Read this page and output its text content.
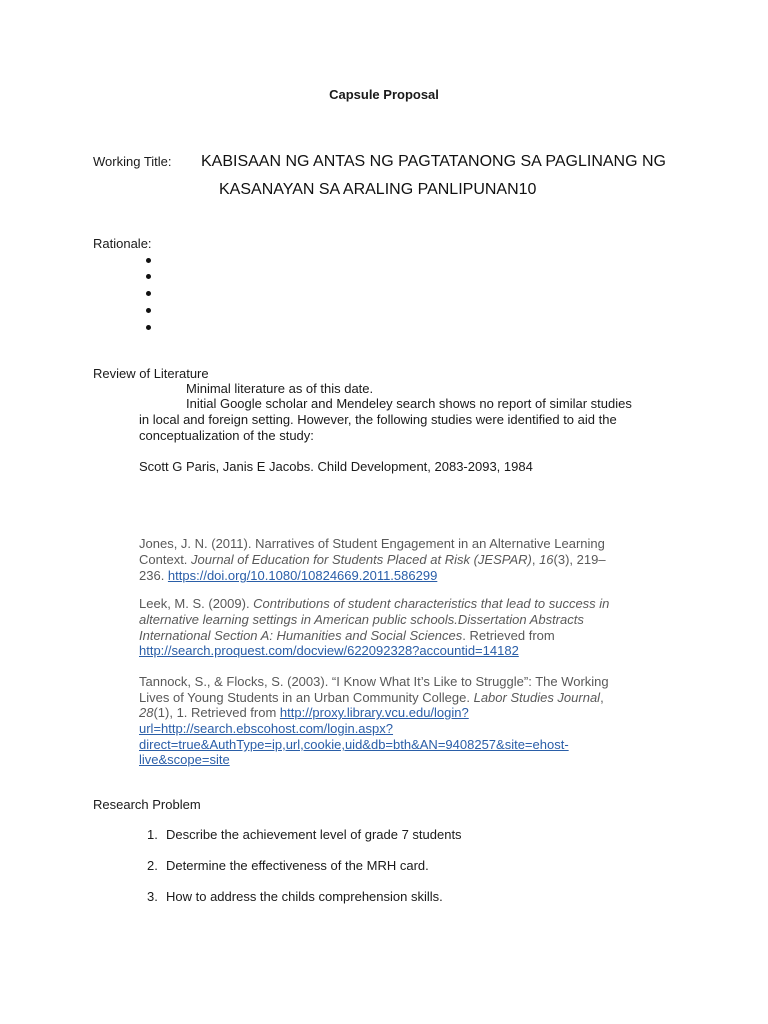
Capsule Proposal
Working Title: KABISAAN NG ANTAS NG PAGTATANONG SA PAGLINANG NG
KASANAYAN SA ARALING PANLIPUNAN10
Rationale:
Review of Literature
Minimal literature as of this date.
Initial Google scholar and Mendeley search shows no report of similar studies
in local and foreign setting. However, the following studies were identified to aid the
conceptualization of the study:
Scott G Paris, Janis E Jacobs. Child Development, 2083-2093, 1984
Jones, J. N. (2011). Narratives of Student Engagement in an Alternative Learning
Context. Journal of Education for Students Placed at Risk (JESPAR), 16(3), 219–
236. https://doi.org/10.1080/10824669.2011.586299
Leek, M. S. (2009). Contributions of student characteristics that lead to success in
alternative learning settings in American public schools.Dissertation Abstracts
International Section A: Humanities and Social Sciences. Retrieved from
http://search.proquest.com/docview/622092328?accountid=14182
Tannock, S., & Flocks, S. (2003). “I Know What It’s Like to Struggle”: The Working
Lives of Young Students in an Urban Community College. Labor Studies Journal,
28(1), 1. Retrieved from http://proxy.library.vcu.edu/login?
url=http://search.ebscohost.com/login.aspx?
direct=true&AuthType=ip,url,cookie,uid&db=bth&AN=9408257&site=ehost-
live&scope=site
Research Problem
1. Describe the achievement level of grade 7 students
2. Determine the effectiveness of the MRH card.
3. How to address the childs comprehension skills.
